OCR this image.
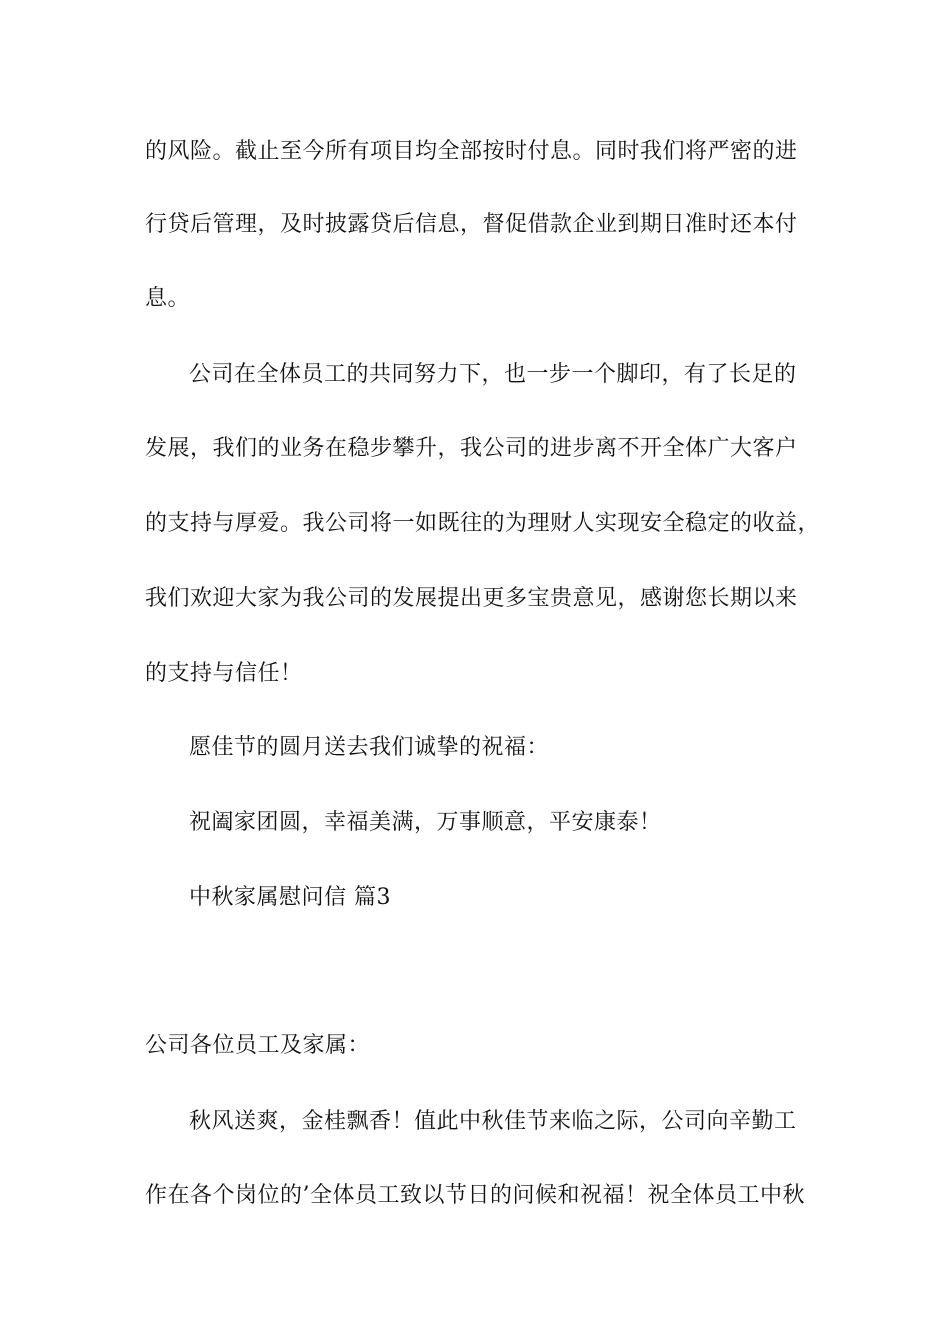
的风险。截止至今所有项目均全部按时付息。同时我们将严密的进
行贷后管理，及时披露贷后信息，督促借款企业到期日准时还本付
息。
公司在全体员工的共同努力下，也一步一个脚印，有了长足的
发展，我们的业务在稳步攀升，我公司的进步离不开全体广大客户
的支持与厚爱。我公司将一如既往的为理财人实现安全稳定的收益，
我们欢迎大家为我公司的发展提出更多宝贵意见，感谢您长期以来
的支持与信任！
愿佳节的圆月送去我们诚挚的祝福：
祝阖家团圆，幸福美满，万事顺意，平安康泰！
中秋家属慰问信 篇3
公司各位员工及家属：
秋风送爽，金桂飘香！值此中秋佳节来临之际，公司向辛勤工
作在各个岗位的’全体员工致以节日的问候和祝福！祝全体员工中秋
